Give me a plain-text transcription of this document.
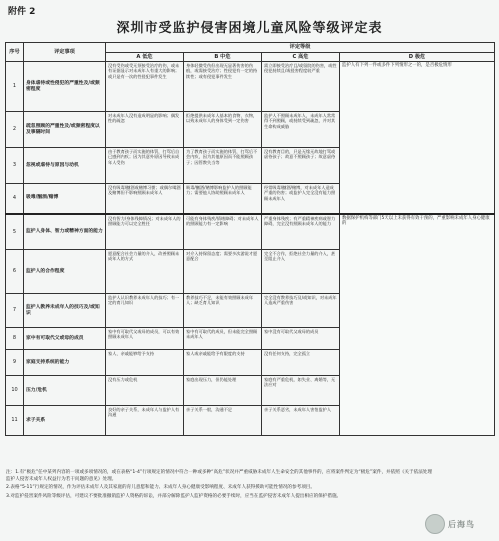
附件 2
深圳市受监护侵害困境儿童风险等级评定表
序号	评定事项	评定等级			
		A 低危	B 中危	C 高危	D 极危
1	身体虐待或性侵犯的严重性及/或频密程度	没有受伤或受无须接受治疗的伤，或未有证据显示对未成年人有重大的影响；或只是有一次的性侵犯事件发生	身体轻微受伤但出现无显著伤害的伤痕，或需接受治疗；性侵犯有一定的持续性；或有侵犯事件发生	需立即接受治疗且/或留院的伤害，或性侵犯持续且/或侵害程度较严重	监护人有下列一件或多件下列情形之一的，是否极危情形
2	疏忽照顾的严重性及/或频密程度以及事隔时间	对未成年人没有造成明显的影响；偶发性的疏忽	拒绝提供未成年人基本的食物、衣物，以致未成年人的身体受到一定伤害	监护人不照顾未成年人，未成年人常常得不到照顾，或持续受到疏忽，并对其生命构成威胁	
3	忽视或虐待与原因与动机	由于教育孩子而实施的体罚，打骂后自已感到内疚；因为其意外原因导致未成年人受伤	为了教育孩子而实施的体罚，打骂后不会内疚，因为其他原因而不能照顾孩子；因管教失当等	没有教育目的，只是无缘无故地打骂或虐待孩子；故意不照顾孩子；故意虐待	
4	吸毒/酗酒/赌博	没有吸毒/酗酒或赌博习惯；或偶尔喝酒及赌博但不影响照顾未成年人	吸毒/酗酒/赌博影响监护人的照顾能力；需要他人协助照顾未成年人	经常吸毒/酗酒/赌博，对未成年人造成严重的伤害；或监护人完全没有能力照顾未成年人	
5	监护人身体、智力或精神方面的能力	没有智力/身体残障情况；对未成年人的照顾能力可以完全胜任	可能有身体残疾/情绪障碍；对未成年人的照顾能力有一定影响	严重身体残疾；有严重精神疾病或智力障碍，完全没有照顾未成年人的能力	数据保护机构等部门5天以上未获得有效干预的，严重影响未成年人身心健康的
6	监护人的合作程度	愿意配合社会力量的介入，改善照顾未成年人的方式	对介入持保留态度；需要多次游说才愿意配合	完全不合作，拒绝社会力量的介入，甚至阻止介入	
7	监护人教养未成年人的技巧及/或知识	监护人认识教养未成年人的技巧；有一定的育儿知识	教养技巧不足，未能有效照顾未成年人；缺乏育儿知识	完全没有教养技巧及/或知识，对未成年人造成严重伤害	
8	家中有可取代父或母的成员	家中有可取代父或母的成员，可以有效照顾未成年人	家中有可取代的成员，但未能完全照顾未成年人	家中没有可取代父或母的成员	
9	家庭支持系统的能力	家人、亲戚能够给予支持	家人或亲戚能给予有限度的支持	没有任何支持，完全孤立	
10	压力/危机	没有压力或危机	家庭出现压力，但仍能处理	家庭有严重危机，如失业、离婚等，无法应对	
11	求子关系	良好的亲子关系，未成年人与监护人有沟通	亲子关系一般，沟通不足	亲子关系恶劣，未成年人害怕监护人	

注：1.有“极危”任中某列内容的一项或多项情况的，或在表格“1-4”行项规定的情况中符合一种或多种“高危”状况并严重威胁未成年人生命安全的其他事件的，应将案件判定为“极危”案件，并依照《关于依法处理监护人侵害未成年人权益行为若干问题的意见》处理。

2.表格“5-11”行规定的情况，作为评估未成年人及其家庭的育儿意愿和能力、未成年人身心健康受影响程度、未成年人获得援助可能性情况的参考项目。

3.对监护侵害案件风险等级评估，可建议不要批准撤销监护人资格的诉讼，并部分解除监护人监护资格的必要手续时，应当在监护侵害未成年人提出相应的保护措施。

后海鸟
